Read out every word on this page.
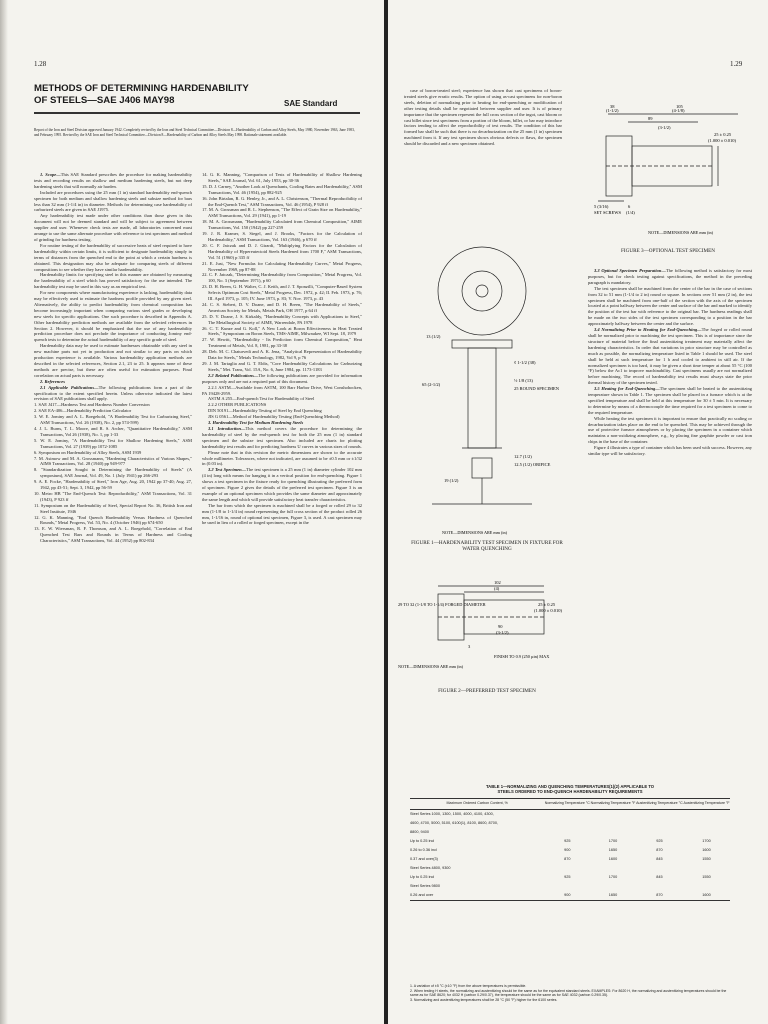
1.28
METHODS OF DETERMINING HARDENABILITY
OF STEELS—SAE J406 MAY98	SAE Standard
Report of the Iron and Steel Division approved January 1942. Completely revised by the Iron and Steel Technical Committee—Division 8—Hardenability of Carbon and Alloy Steels, May 1980, November 1963, June 1983, and February 1995. Revised by the SAE Iron and Steel Technical Committee—Division 8—Hardenability of Carbon and Alloy Steels May 1998. Rationale statement available.

1. Scope—This SAE Standard prescribes the procedure for making hardenability tests and recording results on shallow and medium hardening steels, but not deep hardening steels that will normally air harden.

Included are procedures using the 25 mm (1 in) standard hardenability end-quench specimen for both medium and shallow hardening steels and subsize method for bars less than 32 mm (1-1/4 in) in diameter. Methods for determining case hardenability of carburized steels are given in SAE J1975.

Any hardenability test made under other conditions than those given in this document will not be deemed standard and will be subject to agreement between supplier and user. Whenever check tests are made, all laboratories concerned must arrange to use the same alternate procedure with reference to test specimen and method of grinding for hardness testing.

For routine testing of the hardenability of successive heats of steel required to have hardenability within certain limits, it is sufficient to designate hardenability simply in terms of distances from the quenched end to the point at which a certain hardness is obtained. This designation may also be adequate for comparing steels of different compositions to see whether they have similar hardenability.

Hardenability limits for specifying steel in this manner are obtained by measuring the hardenability of a steel which has proved satisfactory for the use intended. The hardenability test may be used in this way as an empirical test.

For new components where manufacturing experience is lacking, hardenability data may be effectively used to estimate the hardness profile provided by any given steel. Alternatively, the ability to predict hardenability from chemical composition has become increasingly important when comparing various steel grades or developing new steels for specific applications. One such procedure is described in Appendix A. Other hardenability prediction methods are available from the selected references in Section 2. However, it should be emphasized that the use of any hardenability prediction procedure does not preclude the importance of conducting Jominy end-quench tests to determine the actual hardenability of any specific grade of steel.

Hardenability data may be used to estimate hardnesses obtainable with any steel in new machine parts not yet in production and not similar to any parts on which production experience is available. Various hardenability application methods are described in the selected references, Section 2.1, 23 to 25. It appears none of these methods are precise, but these are often useful for estimation purposes. Final correlation on actual parts is necessary.

2. References

2.1 Applicable Publications—The following publications form a part of the specification to the extent specified herein. Unless otherwise indicated the latest revision of SAE publications shall apply.

1. SAE J417—Hardness Test and Hardness Number Conversion

2. SAE EA-406—Hardenability Prediction Calculator

3. W. E. Jominy and A. L. Boegehold, "A Hardenability Test for Carburizing Steel," ASM Transactions, Vol. 26 (1938), No. 2, pp 574-599)

4. J. L. Burns, T. L. Moore, and R. S. Archer, "Quantitative Hardenability," ASM Transactions, Vol 26 (1938), No. 1, pp 1-33

5. W. E. Jominy, "A Hardenability Test for Shallow Hardening Steels," ASM Transactions, Vol. 27 (1939) pp 1072-1085

6. Symposium on Hardenability of Alloy Steels, ASM 1939

7. M. Asimow and M. A. Grossmann, "Hardening Characteristics of Various Shapes," AIMS Transactions, Vol. 28 (1940) pp 949-977

8. "Standardization Sought in Determining the Hardenability of Steels" (A symposium), SAE Journal, Vol. 49, No. 1 (July 1941) pp 266-293

9. A. E. Focke, "Hardenability of Steel," Iron Age, Aug. 20, 1942 pp 37-40; Aug. 27, 1942, pp 43-51; Sept. 3, 1942, pp 56-59

10. Metro HB "The End-Quench Test: Reproducibility," ASM Transactions, Vol. 31 (1943), P 923 ff

11. Symposium on the Hardenability of Steel, Special Report No. 36, British Iron and Steel Institute, 1946

12. G. K. Manning, "End Quench Hardenability Versus Hardness of Quenched Rounds," Metal Progress, Vol. 53, No. 4 (October 1946) pp 674-650

13. E. W. Wiersman, R. F. Thomson, and A. L. Boegehold, "Correlation of End Quenched Test Bars and Rounds in Terms of Hardness and Cooling Characteristics," ASM Transactions, Vol. 44 (1952) pp 802-834

14. G. K. Manning, "Comparison of Tests of Hardenability of Shallow Hardening Steels," SAE Journal, Vol. 61, July 1953, pp 30-36

15. D. J. Carney, "Another Look at Quenchants, Cooling Rates and Hardenability," ASM Transactions, Vol. 46 (1954), pp 882-925

16. John Birtalan, R. G. Henley, Jr., and A. L. Christenson, "Thermal Reproducibility of the End-Quench Test," ASM Transactions, Vol. 46 (1954), P 928 ff

17. M. A. Grossman and R. L. Stephenson, "The Effect of Grain Size on Hardenability," ASM Transactions, Vol. 29 (1941), pp 1-19

18. M. A. Grossmann, "Hardenability Calculated from Chemical Composition," AIME Transactions, Vol. 150 (1942) pp 227-259

19. J. R. Kramer, S. Siegel, and J. Brooks, "Factors for the Calculation of Hardenability," ASM Transactions, Vol. 163 (1946), p 670 ff

20. C. F. Jatczak and D. J. Girardi, "Multiplying Factors for the Calculation of Hardenability of Hypereutectoid Steels Hardened from 1700 F," ASM Transactions, Vol. 51 (1960) p 335 ff

21. E. Just, "New Formulas for Calculating Hardenability Curves," Metal Progress, November 1969, pp 87-88

22. C. F. Jatczak, "Determining Hardenability from Composition," Metal Progress, Vol. 100, No. 3 (September 1971), p 60

23. D. H. Breen, G. H. Walter, C. J. Keith, and J. T. Sponzilli, "Computer-Based System Selects Optimum Cost Steels," Metal Progress, Dec. 1972, p. 42; II. Feb. 1973, p. 76; III. April 1973, p. 105; IV. June 1973, p. 83; V. Nov. 1973, p. 43

24. C. S. Siebert, D. V. Doane, and D. H. Breen, "The Hardenability of Steels," American Society for Metals, Metals Park, OH 1977, p 64 ff

25. D. V. Doane, J. S. Kirkaldy, "Hardenability Concepts with Applications to Steel," The Metallurgical Society of AIME, Warrendale, PA 1978

26. C. T. Kunze and G. Koll," A New Look at Boron Effectiveness in Heat Treated Steels," Symposium on Boron Steels, TMS-AIME, Milwaukee, WI Sept. 18, 1979

27. W. Hewitt, "Hardenability - Its Prediction form Chemical Composition," Heat Treatment of Metals, Vol. 8, 1981, pp 33-38

28. Deb. M. C. Chaturvedi and A. K. Jena, "Analytical Representation of Hardenability Data for Steels," Metals Technology, 1982, Vol 9, p 76

29. J. M. Tartaglia and G. T. Eldis, "Core Hardenability Calculations for Carburizing Steels," Met. Trans, Vol. 15A, No. 6, June 1984, pp. 1173-1183

2.2 Related Publications—The following publications are provided for information purposes only and are not a required part of this document.

2.2.1 ASTM—Available from ASTM, 100 Barr Harbor Drive, West Conshohocken, PA 19428-2959.

ASTM A 255—End-quench Test for Hardenability of Steel

2.2.2 OTHER PUBLICATIONS

DIN 50191—Hardenability Testing of Steel by End Quenching

JIS G 0561—Method of Hardenability Testing (End-Quenching Method)

3. Hardenability Test for Medium Hardening Steels

3.1 Introduction—This method covers the procedure for determining the hardenability of steel by the end-quench test for both the 25 mm (1 in) standard specimen and the subsize test specimen. Also included are charts for plotting hardenability test results and for predicting hardness U curves in various sizes of rounds.

Please note that in this revision the metric dimensions are shown to the accurate whole millimeter. Tolerances, where not indicated, are assumed to be ±0.5 mm or ±1/32 in (0.03 in).

3.2 Test Specimen—The test specimen is a 25 mm (1 in) diameter cylinder 102 mm (4 in) long with means for hanging it in a vertical position for end-quenching. Figure 1 shows a test specimen in the fixture ready for quenching illustrating the preferred form of specimen. Figure 2 gives the details of the preferred test specimen. Figure 3 is an example of an optional specimen which provides the same diameter and approximately the same length and which will provide satisfactory heat transfer characteristics.

The bar from which the specimen is machined shall be a forged or rolled 29 to 32 mm (1-1/8 to 1-1/4 in) round representing the full cross section of the product rolled 26 mm, 1-1/16 in, round of optional test specimen, Figure 3, is used. A cast specimen may be used in lieu of a rolled or forged specimen, except in the

1.29

case of boron-treated steel; experience has shown that cast specimens of boron-treated steels give erratic results. The option of using as-cast specimens for non-boron steels, deletion of normalizing prior to heating for end-quenching or modification of other testing details shall be negotiated between supplier and user. It is of primary importance that the specimen represent the full cross section of the ingot, cast bloom or cast billet since test specimens from a portion of the bloom, billet, or bar may introduce factors tending to affect the reproducibility of test results. The condition of this bar formed bar shall be such that there is no decarburization on the 25 mm (1 in) specimen machined from it. If any test specimen shows obvious defects or flaws, the specimen should be discarded and a new specimen obtained.

38
(1-1/2)
105
(4-1/8)
89
(3-1/2)
25 ± 0.25
(1.000 ± 0.010)
5 (3/16)
SET SCREWS
6
(1/4)
NOTE—DIMENSIONS ARE mm (in)
FIGURE 3—OPTIONAL TEST SPECIMEN
13 (1/2)
¢ 1-1/2 (38)
½ 1/8 (13)
25 ROUND SPECIMEN
65 (2-1/2)
12.7 (1/2)
12.5 (1/2) ORIFICE
19 (1/2)
NOTE—DIMENSIONS ARE mm (in)
FIGURE 1—HARDENABILITY TEST SPECIMEN IN FIXTURE FOR WATER QUENCHING
29 TO 32 (1-1/8 TO 1-1/4) FORGED DIAMETER
102
(4)
90
(3-1/2)
25 ± 0.25
(1.000 ± 0.010)
3
FINISH TO 0.9 (250 µin) MAX
NOTE—DIMENSIONS ARE mm (in)
FIGURE 2—PREFERRED TEST SPECIMEN

3.3 Optional Specimen Preparation—The following method is satisfactory for most purposes, but for check testing against specifications, the method in the preceding paragraph is mandatory.

The test specimen shall be machined from the center of the bar in the case of sections from 32 to 51 mm (1-1/4 to 2 in) round or square. In sections over 51 mm (2 in), the test specimen shall be machined from one-half of the section with the axis of the specimen located at a point halfway between the center and surface of the bar and marked to identify the position of the test bar with reference to the original bar. The hardness readings shall be made on the two sides of the test specimen corresponding to a position in the bar approximately halfway between the center and the surface.

3.4 Normalizing Prior to Heating for End-Quenching—The forged or rolled round shall be normalized prior to machining the test specimen. This is of importance since the structure of material before the final austenitizing treatment may materially affect the hardening characteristics. In order that variations in prior structure may be controlled as much as possible, the normalizing temperature listed in Table 1 should be used. The steel shall be held at such temperature for 1 h and cooled to ambient in still air. If the normalized specimen is too hard, it may be given a short time temper at about 55 °C (100 °F) below the Ac1 to improve machinability. Cast specimens usually are not normalized before machining. The record of hardenability test results must always state the prior thermal history of the specimen tested.

3.5 Heating for End-Quenching—The specimen shall be heated to the austenitizing temperature shown in Table 1. The specimen shall be placed in a furnace which is at the specified temperature and shall be held at this temperature for 30 ± 5 min. It is necessary to determine by means of a thermocouple the time required for a test specimen to come to the required temperature.

While heating the test specimen it is important to ensure that practically no scaling or decarburization takes place on the end to be quenched. This may be achieved through the use of protective furnace atmospheres or by placing the specimen in a container which maintains a non-oxidizing atmosphere, e.g., by placing fine graphite powder or cast iron chips in the base of the container.

Figure 4 illustrates a type of container which has been used with success. However, any similar type will be satisfactory.

TABLE 1—NORMALIZING AND QUENCHING TEMPERATURES(1)(2) APPLICABLE TO
STEELS ORDERED TO END-QUENCH HARDENABILITY REQUIREMENTS
Maximum Ordered Carbon Content, %	Normalizing Temperature °C	Normalizing Temperature °F	Austenitizing Temperature °C	Austenitizing Temperature °F
Steel Series 1000, 1300, 1500, 4000, 4100, 4300,				
4600, 4700, 5000, 5100, 6100(1), 8100, 8600, 8700,				
8800, 9400				
Up to 0.25 incl	925	1700	925	1700
0.26 to 0.36 incl	900	1650	870	1600
0.37 and over(3)	870	1600	845	1550
Steel Series 4800, 9300				
Up to 0.25 incl	925	1700	845	1550
Steel Series 9800				
0.26 and over	900	1650	870	1600
1. A variation of ±5 °C (±10 °F) from the above temperatures is permissible.
2. When testing H steels, the normalizing and austenitizing should be the same as for the equivalent standard steels. EXAMPLES: For 8620 H, the normalizing and austenitizing temperatures should be the same as for SAE 8620; for 4032 H (carbon 0.29/0.37), the temperature should be the same as for SAE 4032 (carbon 0.29/0.35).
3. Normalizing and austenitizing temperatures shall be 28 °C (50 °F) higher for the 6100 series.
